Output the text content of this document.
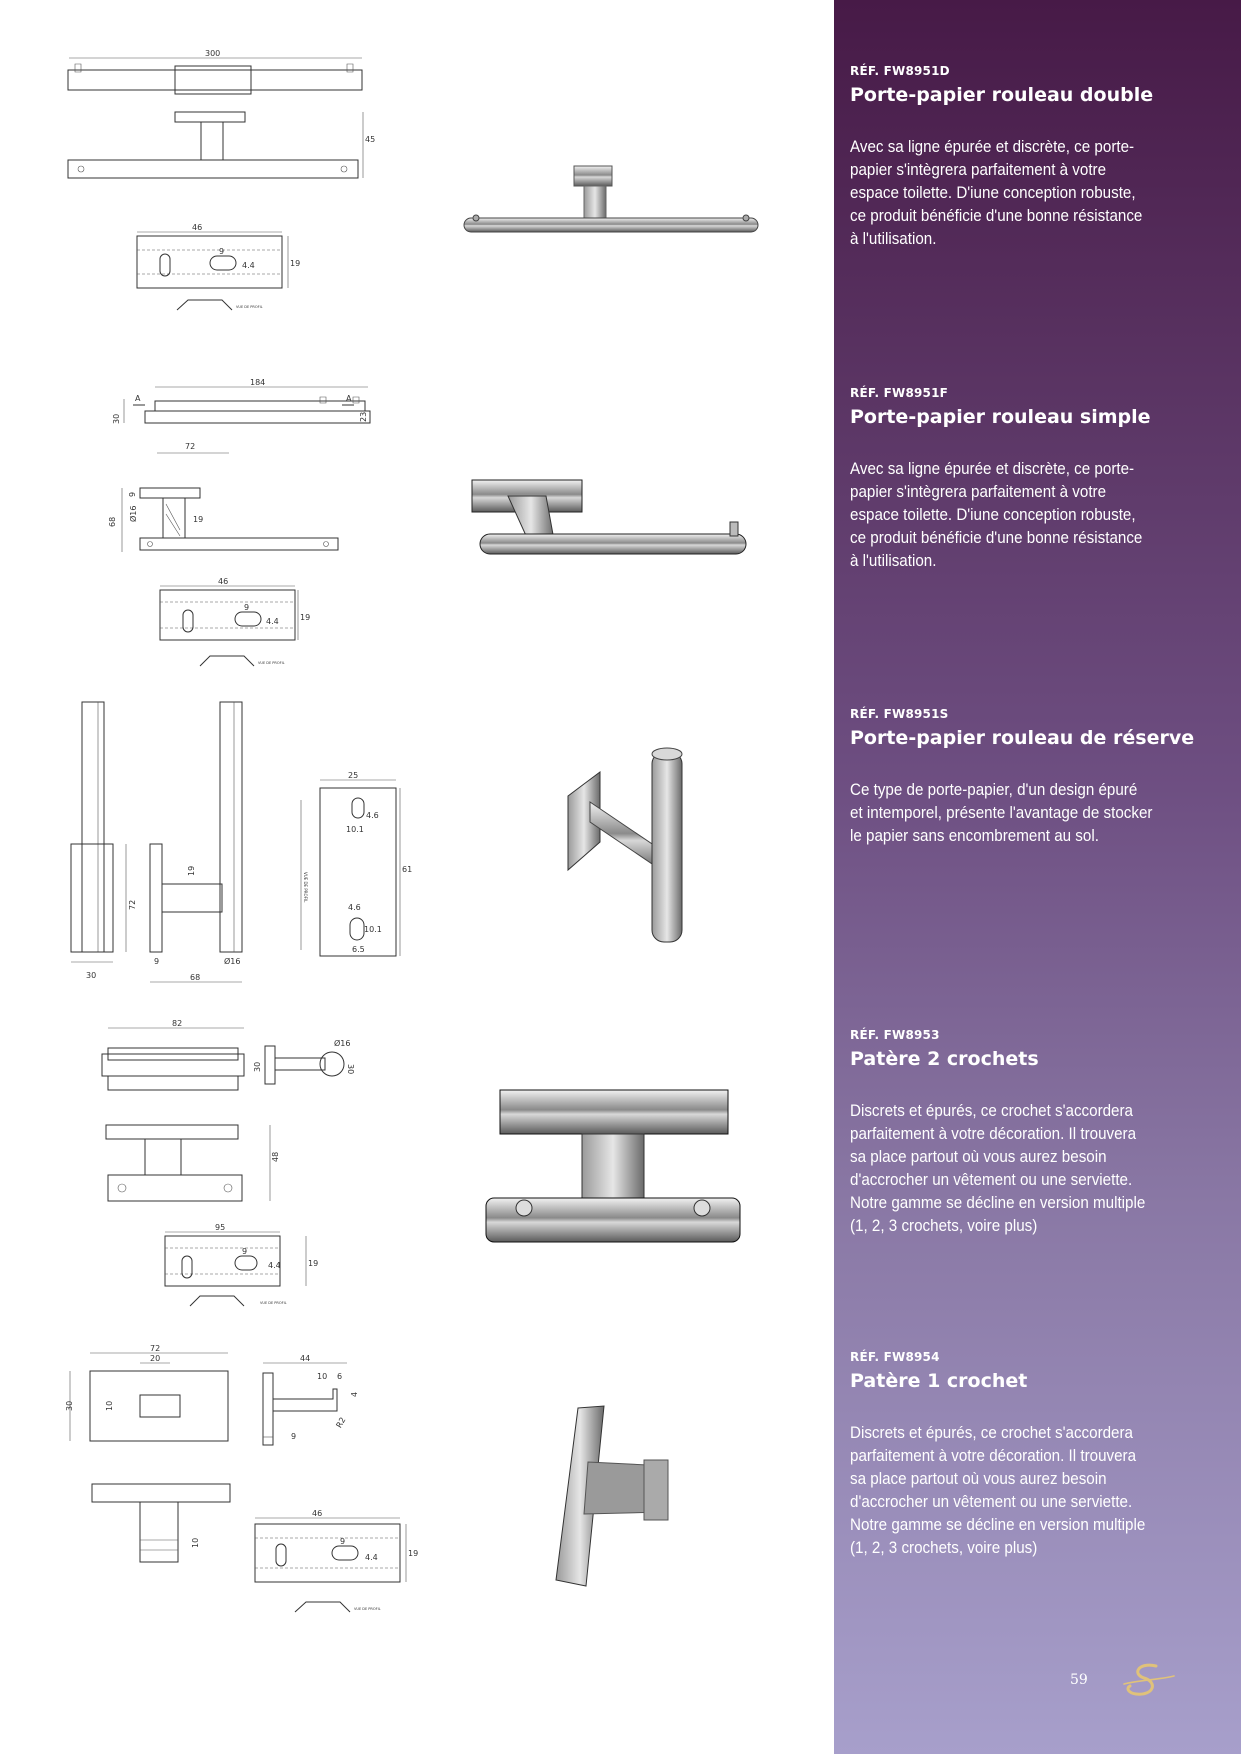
300
45
46
9
4.4	19
VUE DE PROFIL
184
A	A
30	23
72
68 Ø16
9
19
46
9
4.4	19
VUE DE PROFIL
30
72
19
Ø16
9
68
VUE DE PROFIL
25
4.6
10.1
4.6
10.1
6.5
61
82
Ø16
30	30
48
95
9
4.4	19
VUE DE PROFIL
72
20
30	10
44
10 6
4
R2
9
10
46
9
4.4	19
VUE DE PROFIL

RÉF. FW8951D

Porte-papier rouleau double

Avec sa ligne épurée et discrète, ce porte-papier s'intègrera parfaitement à votre espace toilette. D'iune conception robuste, ce produit bénéficie d'une bonne résistance à l'utilisation.

RÉF. FW8951F

Porte-papier rouleau simple

Avec sa ligne épurée et discrète, ce porte-papier s'intègrera parfaitement à votre espace toilette. D'iune conception robuste, ce produit bénéficie d'une bonne résistance à l'utilisation.

RÉF. FW8951S

Porte-papier rouleau de réserve

Ce type de porte-papier, d'un design épuré et intemporel, présente l'avantage de stocker le papier sans encombrement au sol.

RÉF. FW8953

Patère 2 crochets

Discrets et épurés, ce crochet s'accordera parfaitement à votre décoration. Il trouvera sa place partout où vous aurez besoin d'accrocher un vêtement ou une serviette. Notre gamme se décline en version multiple (1, 2, 3 crochets, voire plus)

RÉF. FW8954

Patère 1 crochet

Discrets et épurés, ce crochet s'accordera parfaitement à votre décoration. Il trouvera sa place partout où vous aurez besoin d'accrocher un vêtement ou une serviette. Notre gamme se décline en version multiple (1, 2, 3 crochets, voire plus)

59
